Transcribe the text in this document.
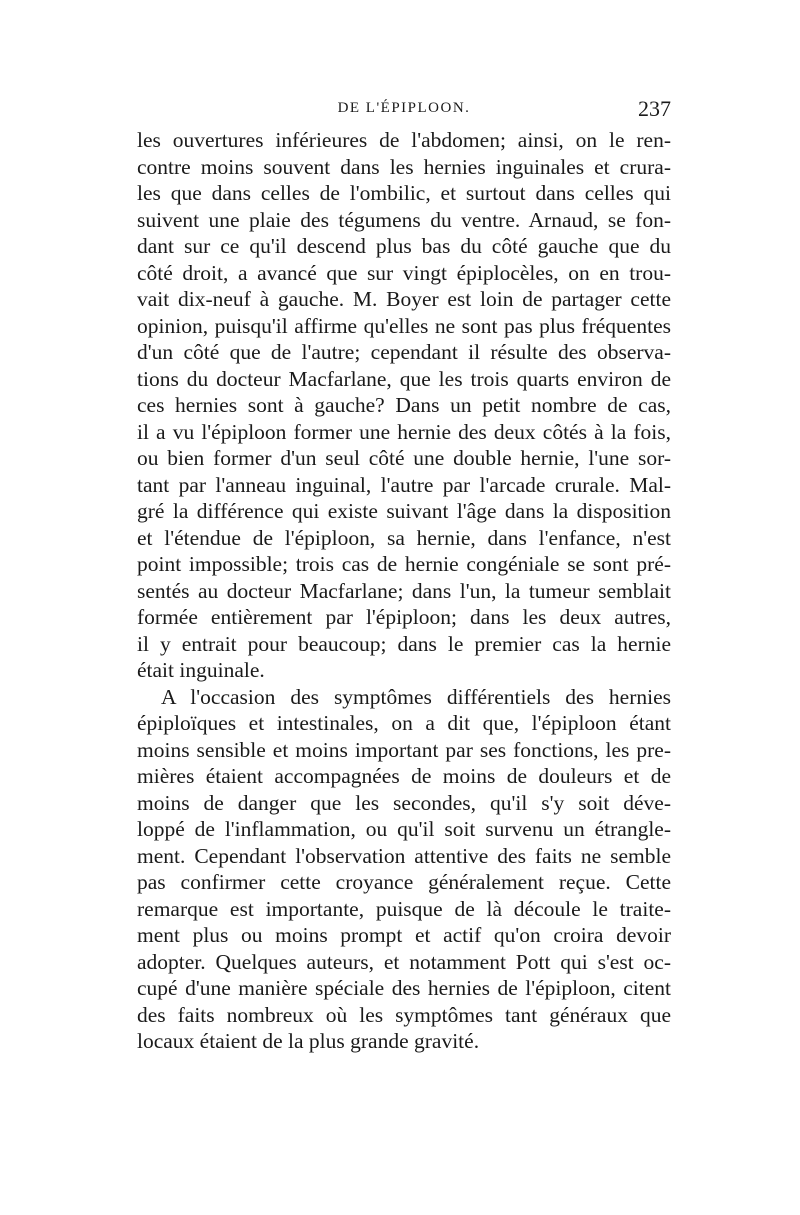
DE L'ÉPIPLOON.	237
les ouvertures inférieures de l'abdomen; ainsi, on le ren-
contre moins souvent dans les hernies inguinales et crura-
les que dans celles de l'ombilic, et surtout dans celles qui
suivent une plaie des tégumens du ventre. Arnaud, se fon-
dant sur ce qu'il descend plus bas du côté gauche que du
côté droit, a avancé que sur vingt épiplocèles, on en trou-
vait dix-neuf à gauche. M. Boyer est loin de partager cette
opinion, puisqu'il affirme qu'elles ne sont pas plus fréquentes
d'un côté que de l'autre; cependant il résulte des observa-
tions du docteur Macfarlane, que les trois quarts environ de
ces hernies sont à gauche? Dans un petit nombre de cas,
il a vu l'épiploon former une hernie des deux côtés à la fois,
ou bien former d'un seul côté une double hernie, l'une sor-
tant par l'anneau inguinal, l'autre par l'arcade crurale. Mal-
gré la différence qui existe suivant l'âge dans la disposition
et l'étendue de l'épiploon, sa hernie, dans l'enfance, n'est
point impossible; trois cas de hernie congéniale se sont pré-
sentés au docteur Macfarlane; dans l'un, la tumeur semblait
formée entièrement par l'épiploon; dans les deux autres,
il y entrait pour beaucoup; dans le premier cas la hernie
était inguinale.
A l'occasion des symptômes différentiels des hernies
épiploïques et intestinales, on a dit que, l'épiploon étant
moins sensible et moins important par ses fonctions, les pre-
mières étaient accompagnées de moins de douleurs et de
moins de danger que les secondes, qu'il s'y soit déve-
loppé de l'inflammation, ou qu'il soit survenu un étrangle-
ment. Cependant l'observation attentive des faits ne semble
pas confirmer cette croyance généralement reçue. Cette
remarque est importante, puisque de là découle le traite-
ment plus ou moins prompt et actif qu'on croira devoir
adopter. Quelques auteurs, et notamment Pott qui s'est oc-
cupé d'une manière spéciale des hernies de l'épiploon, citent
des faits nombreux où les symptômes tant généraux que
locaux étaient de la plus grande gravité.
